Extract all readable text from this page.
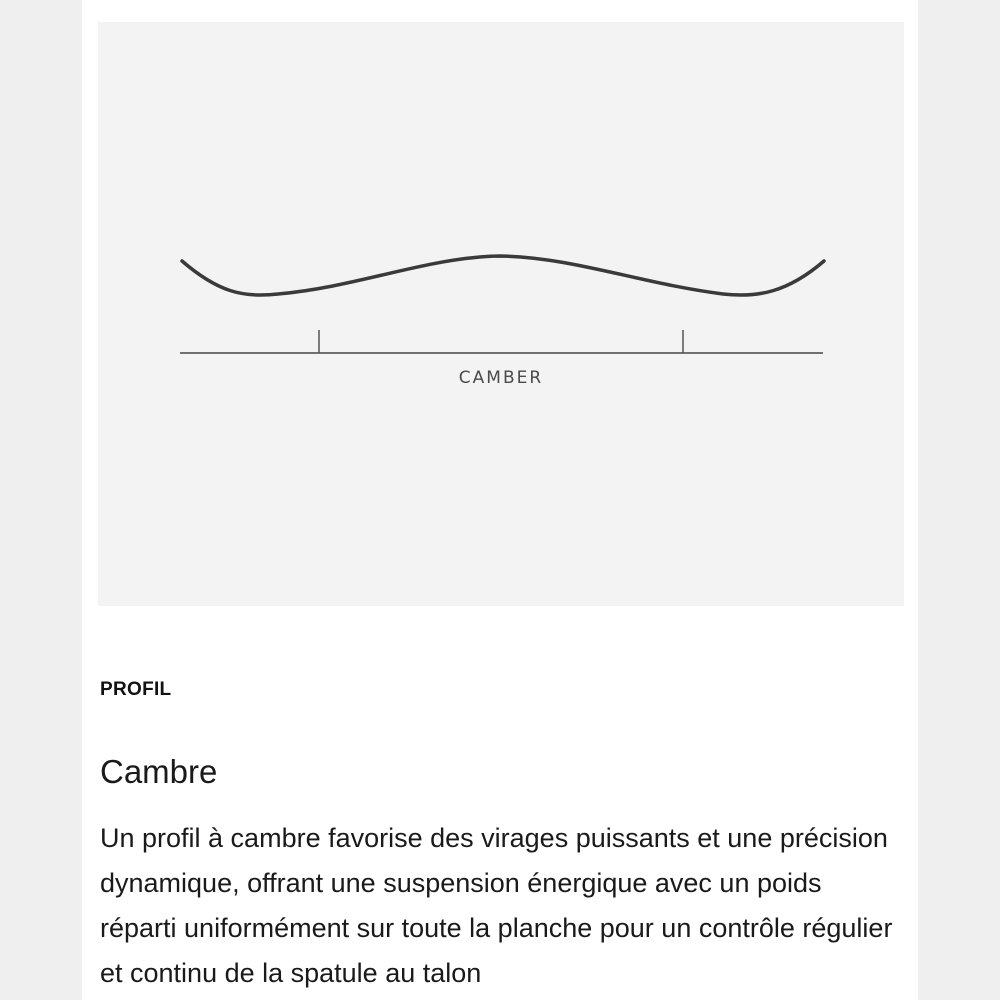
CAMBER
PROFIL
Cambre
Un profil à cambre favorise des virages puissants et une précision dynamique, offrant une suspension énergique avec un poids réparti uniformément sur toute la planche pour un contrôle régulier et continu de la spatule au talon
